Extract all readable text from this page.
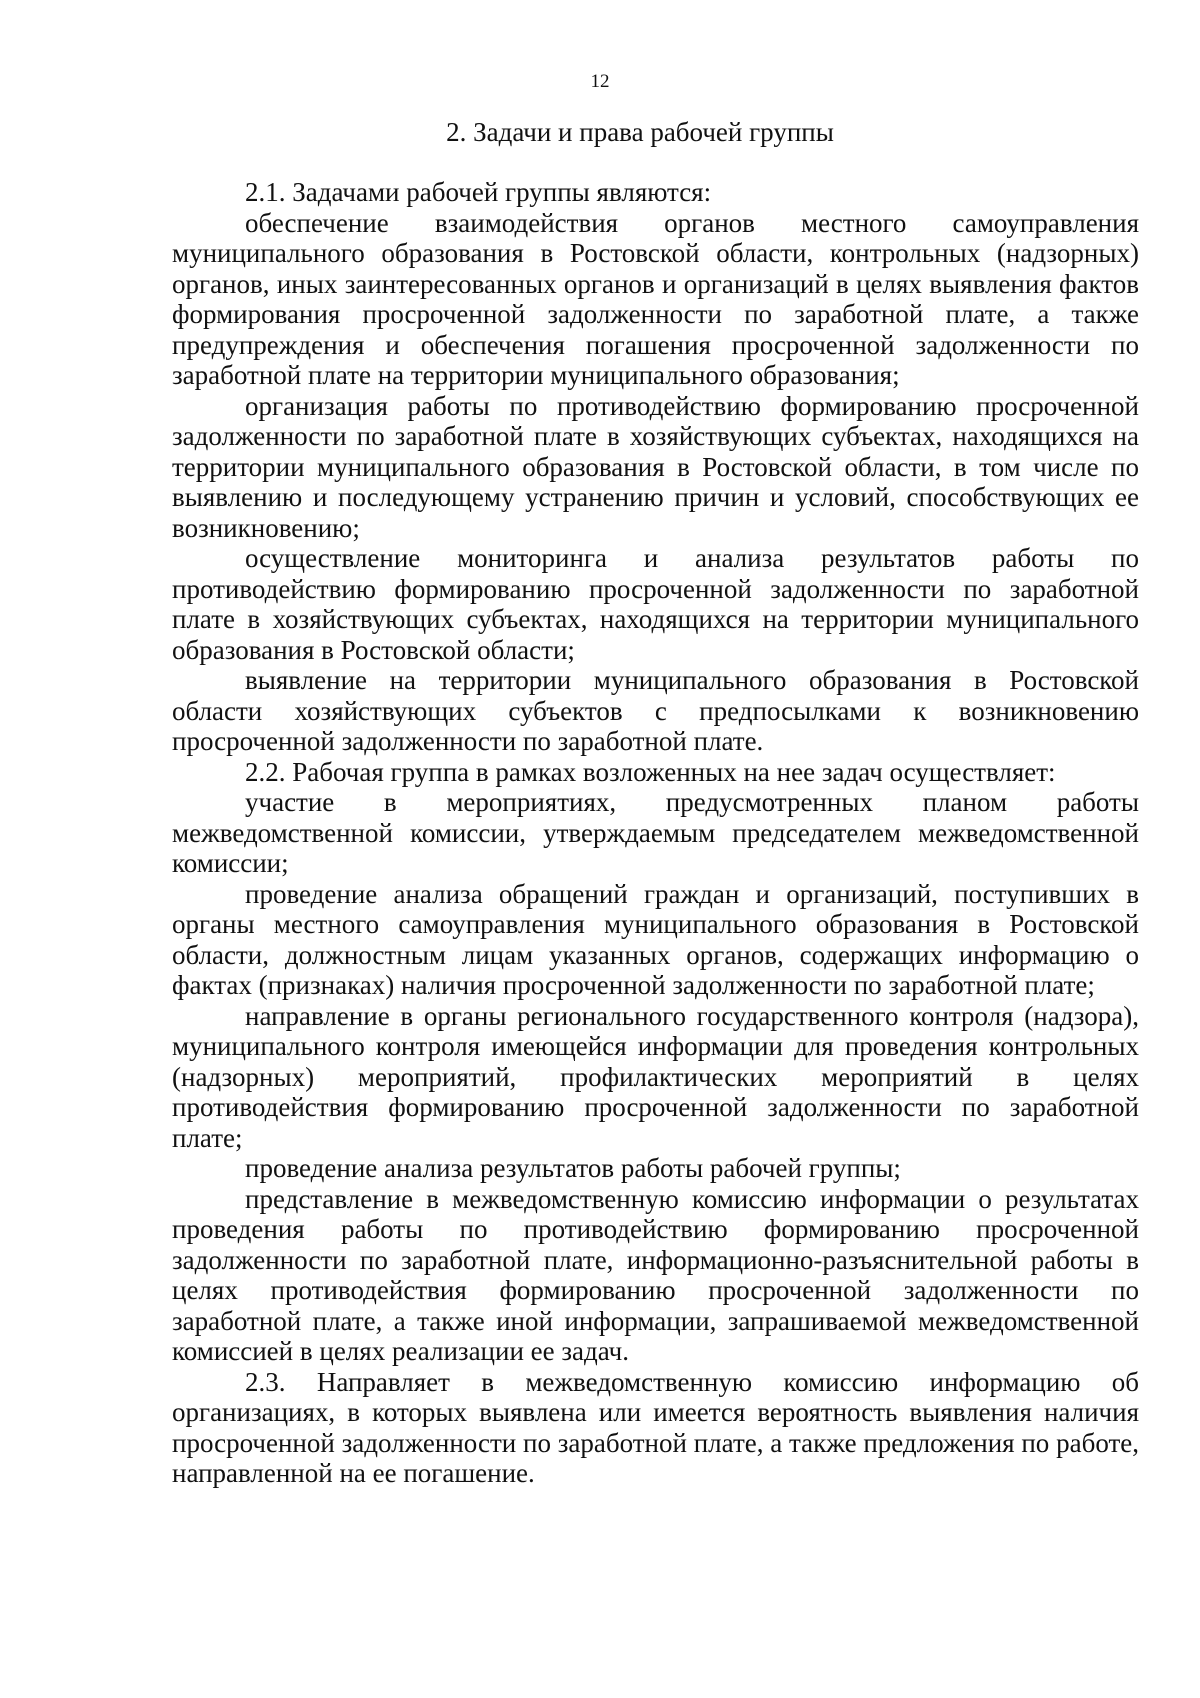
12
2. Задачи и права рабочей группы

2.1. Задачами рабочей группы являются:

обеспечение взаимодействия органов местного самоуправления муниципального образования в Ростовской области, контрольных (надзорных) органов, иных заинтересованных органов и организаций в целях выявления фактов формирования просроченной задолженности по заработной плате, а также предупреждения и обеспечения погашения просроченной задолженности по заработной плате на территории муниципального образования;

организация работы по противодействию формированию просроченной задолженности по заработной плате в хозяйствующих субъектах, находящихся на территории муниципального образования в Ростовской области, в том числе по выявлению и последующему устранению причин и условий, способствующих ее возникновению;

осуществление мониторинга и анализа результатов работы по противодействию формированию просроченной задолженности по заработной плате в хозяйствующих субъектах, находящихся на территории муниципального образования в Ростовской области;

выявление на территории муниципального образования в Ростовской области хозяйствующих субъектов с предпосылками к возникновению просроченной задолженности по заработной плате.

2.2. Рабочая группа в рамках возложенных на нее задач осуществляет:

участие в мероприятиях, предусмотренных планом работы межведомственной комиссии, утверждаемым председателем межведомственной комиссии;

проведение анализа обращений граждан и организаций, поступивших в органы местного самоуправления муниципального образования в Ростовской области, должностным лицам указанных органов, содержащих информацию о фактах (признаках) наличия просроченной задолженности по заработной плате;

направление в органы регионального государственного контроля (надзора), муниципального контроля имеющейся информации для проведения контрольных (надзорных) мероприятий, профилактических мероприятий в целях противодействия формированию просроченной задолженности по заработной плате;

проведение анализа результатов работы рабочей группы;

представление в межведомственную комиссию информации о результатах проведения работы по противодействию формированию просроченной задолженности по заработной плате, информационно-разъяснительной работы в целях противодействия формированию просроченной задолженности по заработной плате, а также иной информации, запрашиваемой межведомственной комиссией в целях реализации ее задач.

2.3. Направляет в межведомственную комиссию информацию об организациях, в которых выявлена или имеется вероятность выявления наличия просроченной задолженности по заработной плате, а также предложения по работе, направленной на ее погашение.
